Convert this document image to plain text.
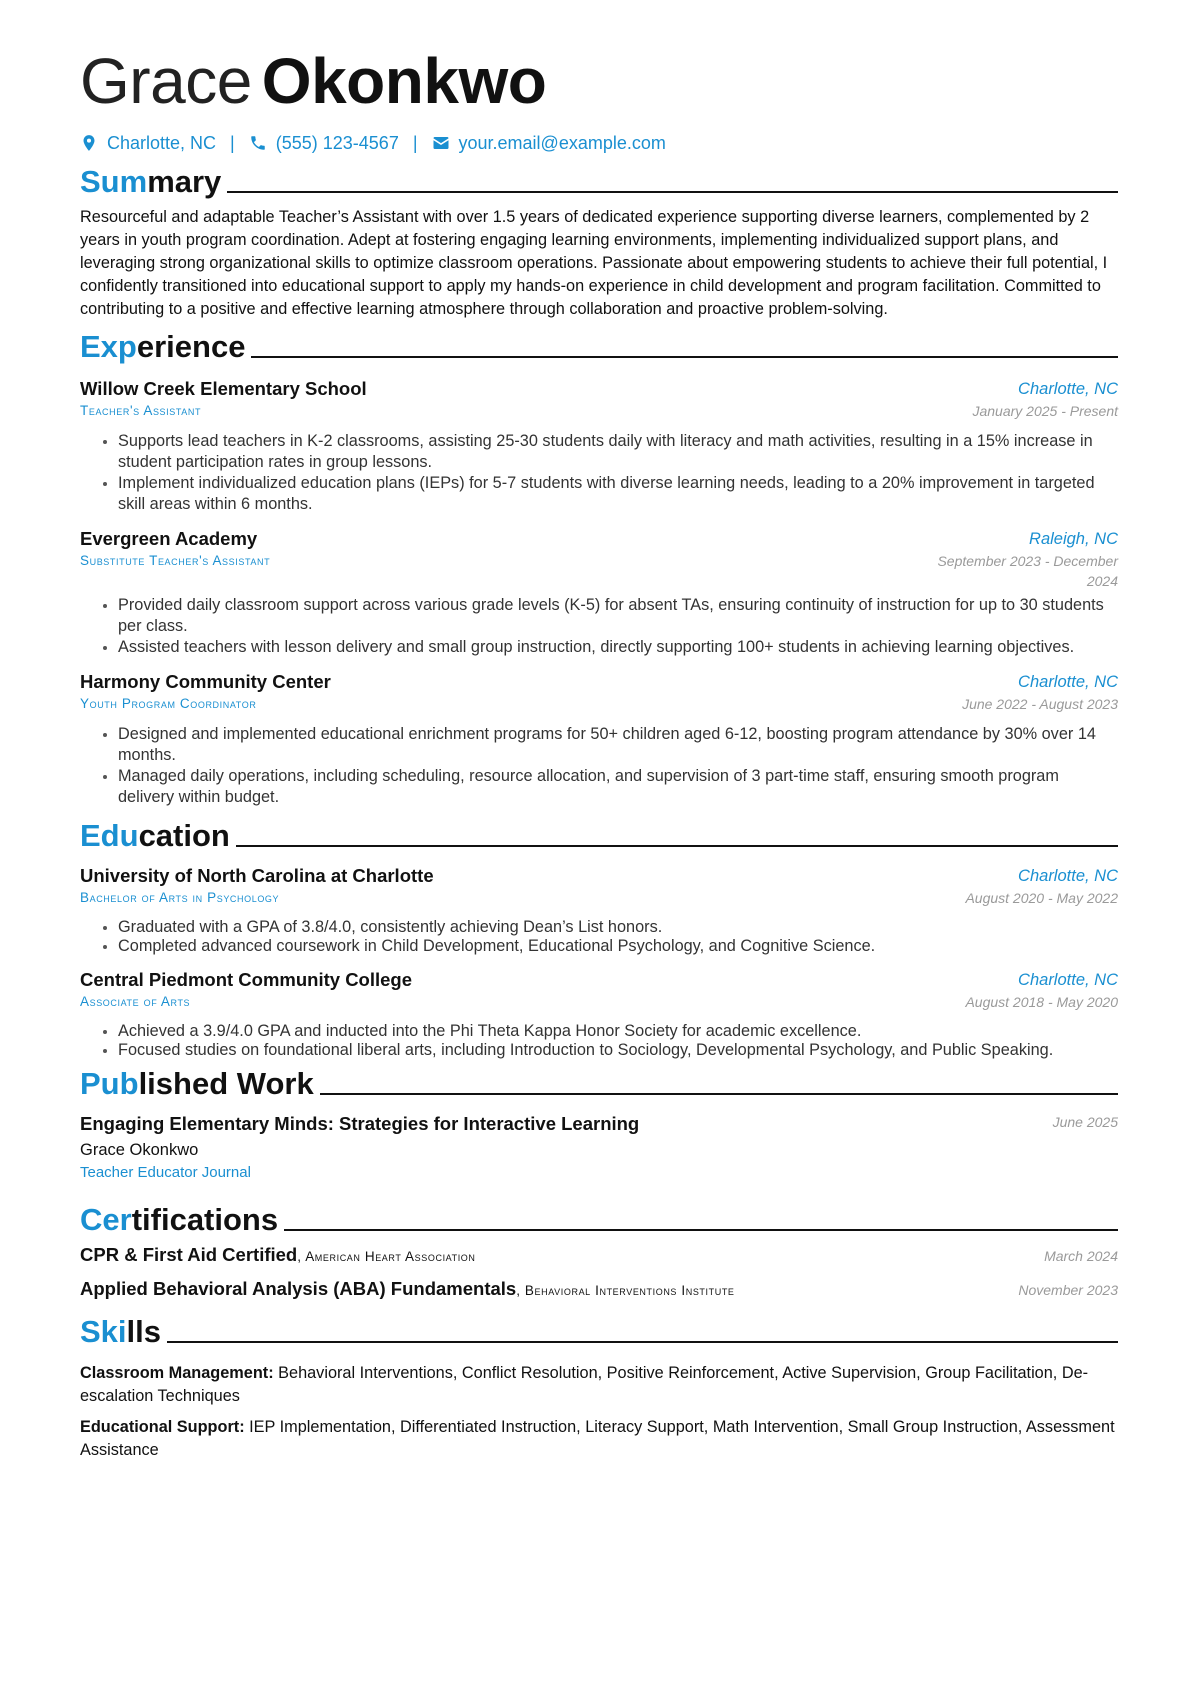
Grace Okonkwo
Charlotte, NC | (555) 123-4567 | your.email@example.com
Summary
Resourceful and adaptable Teacher’s Assistant with over 1.5 years of dedicated experience supporting diverse learners, complemented by 2 years in youth program coordination. Adept at fostering engaging learning environments, implementing individualized support plans, and leveraging strong organizational skills to optimize classroom operations. Passionate about empowering students to achieve their full potential, I confidently transitioned into educational support to apply my hands-on experience in child development and program facilitation. Committed to contributing to a positive and effective learning atmosphere through collaboration and proactive problem-solving.
Experience
Willow Creek Elementary School
Teacher's Assistant
Charlotte, NC
January 2025 - Present
• Supports lead teachers in K-2 classrooms, assisting 25-30 students daily with literacy and math activities, resulting in a 15% increase in student participation rates in group lessons.
• Implement individualized education plans (IEPs) for 5-7 students with diverse learning needs, leading to a 20% improvement in targeted skill areas within 6 months.
Evergreen Academy
Substitute Teacher's Assistant
Raleigh, NC
September 2023 - December 2024
• Provided daily classroom support across various grade levels (K-5) for absent TAs, ensuring continuity of instruction for up to 30 students per class.
• Assisted teachers with lesson delivery and small group instruction, directly supporting 100+ students in achieving learning objectives.
Harmony Community Center
Youth Program Coordinator
Charlotte, NC
June 2022 - August 2023
• Designed and implemented educational enrichment programs for 50+ children aged 6-12, boosting program attendance by 30% over 14 months.
• Managed daily operations, including scheduling, resource allocation, and supervision of 3 part-time staff, ensuring smooth program delivery within budget.
Education
University of North Carolina at Charlotte
Bachelor of Arts in Psychology
Charlotte, NC
August 2020 - May 2022
• Graduated with a GPA of 3.8/4.0, consistently achieving Dean’s List honors.
• Completed advanced coursework in Child Development, Educational Psychology, and Cognitive Science.
Central Piedmont Community College
Associate of Arts
Charlotte, NC
August 2018 - May 2020
• Achieved a 3.9/4.0 GPA and inducted into the Phi Theta Kappa Honor Society for academic excellence.
• Focused studies on foundational liberal arts, including Introduction to Sociology, Developmental Psychology, and Public Speaking.
Published Work
Engaging Elementary Minds: Strategies for Interactive Learning	June 2025
Grace Okonkwo
Teacher Educator Journal
Certifications
CPR & First Aid Certified, American Heart Association	March 2024
Applied Behavioral Analysis (ABA) Fundamentals, Behavioral Interventions Institute	November 2023
Skills
Classroom Management: Behavioral Interventions, Conflict Resolution, Positive Reinforcement, Active Supervision, Group Facilitation, De-escalation Techniques
Educational Support: IEP Implementation, Differentiated Instruction, Literacy Support, Math Intervention, Small Group Instruction, Assessment Assistance
